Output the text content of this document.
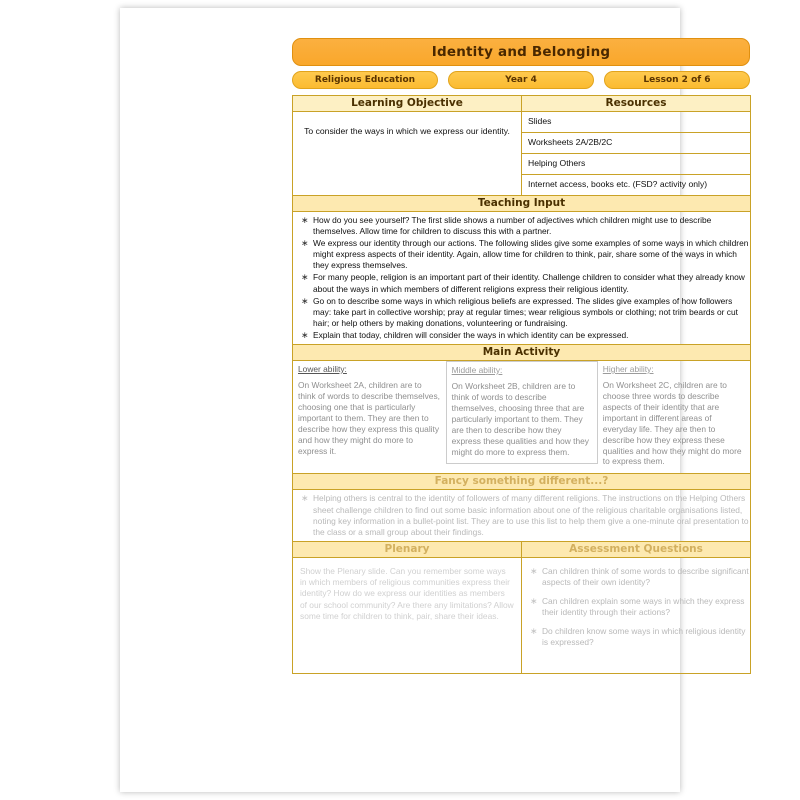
Identity and Belonging
Religious Education	Year 4	Lesson 2 of 6
Learning Objective	Resources

To consider the ways in which we express our identity.

Slides
Worksheets 2A/2B/2C
Helping Others
Internet access, books etc. (FSD? activity only)

Teaching Input

∗ How do you see yourself? The first slide shows a number of adjectives which children might use to describe themselves. Allow time for children to discuss this with a partner.
∗ We express our identity through our actions. The following slides give some examples of some ways in which children might express aspects of their identity. Again, allow time for children to think, pair, share some of the ways in which they express themselves.
∗ For many people, religion is an important part of their identity. Challenge children to consider what they already know about the ways in which members of different religions express their religious identity.
∗ Go on to describe some ways in which religious beliefs are expressed. The slides give examples of how followers may: take part in collective worship; pray at regular times; wear religious symbols or clothing; not trim beards or cut hair; or help others by making donations, volunteering or fundraising.
∗ Explain that today, children will consider the ways in which identity can be expressed.

Main Activity

Lower ability:
On Worksheet 2A, children are to think of words to describe themselves, choosing one that is particularly important to them. They are then to describe how they express this quality and how they might do more to express it.

Middle ability:
On Worksheet 2B, children are to think of words to describe themselves, choosing three that are particularly important to them. They are then to describe how they express these qualities and how they might do more to express them.

Higher ability:
On Worksheet 2C, children are to choose three words to describe aspects of their identity that are important in different areas of everyday life. They are then to describe how they express these qualities and how they might do more to express them.

Fancy something different...?

∗ Helping others is central to the identity of followers of many different religions. The instructions on the Helping Others sheet challenge children to find out some basic information about one of the religious charitable organisations listed, noting key information in a bullet-point list. They are to use this list to help them give a one-minute oral presentation to the class or a small group about their findings.

Plenary	Assessment Questions

Show the Plenary slide. Can you remember some ways in which members of religious communities express their identity? How do we express our identities as members of our school community? Are there any limitations? Allow some time for children to think, pair, share their ideas.

∗ Can children think of some words to describe significant aspects of their own identity?
∗ Can children explain some ways in which they express their identity through their actions?
∗ Do children know some ways in which religious identity is expressed?
